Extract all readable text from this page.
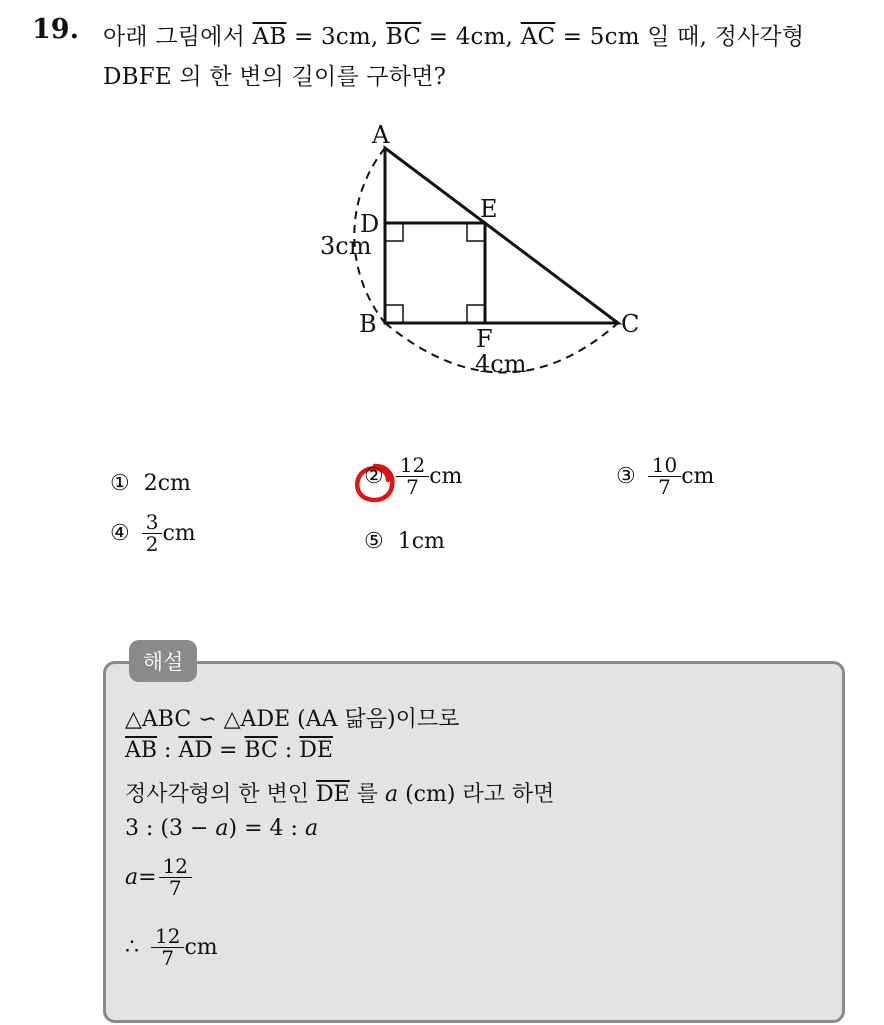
19. 아래 그림에서 $\overline{AB} = 3cm$, $\overline{BC} = 4cm$, $\overline{AC} = 5cm$ 일 때, 정사각형
DBFE 의 한 변의 길이를 구하면?
A
D
E
B
F
C
3cm
4cm
① 2cm	② $\frac{12}{7}$ cm	③ $\frac{10}{7}$ cm
④ $\frac{3}{2}$ cm	⑤ 1cm
해설
△ABC ∽ △ADE (AA 닮음)이므로
$\overline{AB}$ : $\overline{AD} = \overline{BC}$ : $\overline{DE}$
정사각형의 한 변인 $\overline{DE}$ 를 a (cm) 라고 하면
3 : (3 − a) = 4 : a
$a = \frac{12}{7}$
∴ $\frac{12}{7}$ cm
